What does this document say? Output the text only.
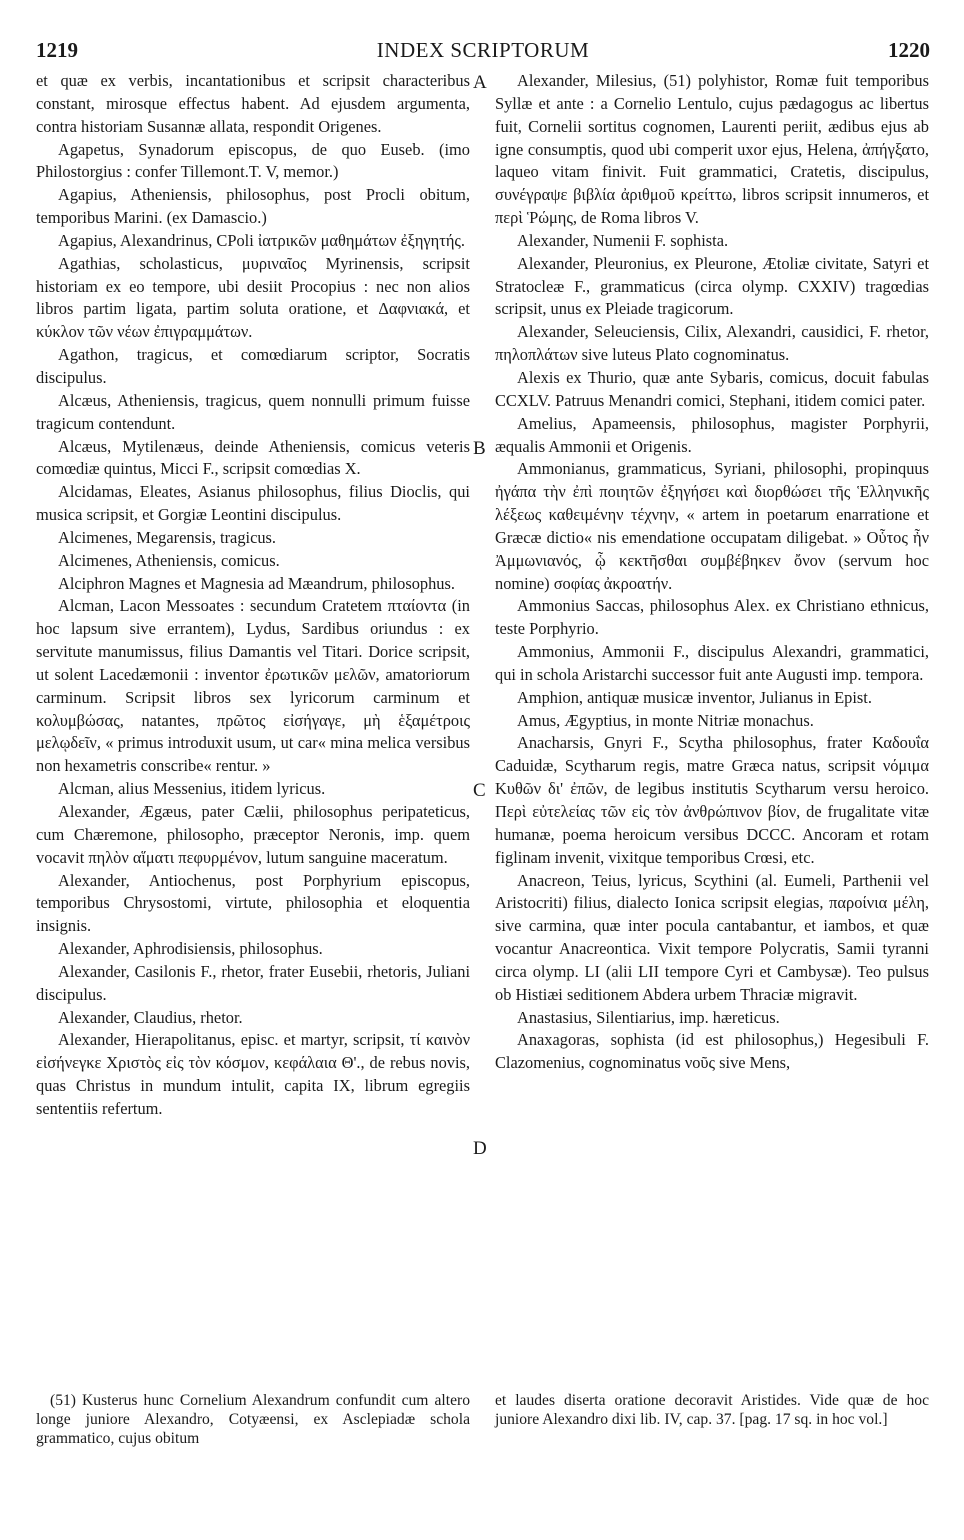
1219	INDEX SCRIPTORUM	1220

et quæ ex verbis, incantationibus et scripsit characteribus constant, mirosque effectus habent. Ad ejusdem argumenta, contra historiam Susannæ allata, respondit Origenes.

Agapetus, Synadorum episcopus, de quo Euseb. (imo Philostorgius : confer Tillemont.T. V, memor.)

Agapius, Atheniensis, philosophus, post Procli obitum, temporibus Marini. (ex Damascio.)

Agapius, Alexandrinus, CPoli ἰατρικῶν μαθημάτων ἐξηγητής.

Agathias, scholasticus, μυριναῖος Myrinensis, scripsit historiam ex eo tempore, ubi desiit Procopius : nec non alios libros partim ligata, partim soluta oratione, et Δαφνιακά, et κύκλον τῶν νέων ἐπιγραμμάτων.

Agathon, tragicus, et comœdiarum scriptor, Socratis discipulus.

Alcæus, Atheniensis, tragicus, quem nonnulli primum fuisse tragicum contendunt.

Alcæus, Mytilenæus, deinde Atheniensis, comicus veteris comœdiæ quintus, Micci F., scripsit comœdias X.

Alcidamas, Eleates, Asianus philosophus, filius Dioclis, qui musica scripsit, et Gorgiæ Leontini discipulus.

Alcimenes, Megarensis, tragicus.

Alcimenes, Atheniensis, comicus.

Alciphron Magnes et Magnesia ad Mæandrum, philosophus.

Alcman, Lacon Messoates : secundum Cratetem πταίοντα (in hoc lapsum sive errantem), Lydus, Sardibus oriundus : ex servitute manumissus, filius Damantis vel Titari. Dorice scripsit, ut solent Lacedæmonii : inventor ἐρωτικῶν μελῶν, amatoriorum carminum. Scripsit libros sex lyricorum carminum et κολυμβώσας, natantes, πρῶτος εἰσήγαγε, μὴ ἑξαμέτροις μελῳδεῖν, « primus introduxit usum, ut car« mina melica versibus non hexametris conscribe« rentur. »

Alcman, alius Messenius, itidem lyricus.

Alexander, Ægæus, pater Cælii, philosophus peripateticus, cum Chæremone, philosopho, præceptor Neronis, imp. quem vocavit πηλὸν αἵματι πεφυρμένον, lutum sanguine maceratum.

Alexander, Antiochenus, post Porphyrium episcopus, temporibus Chrysostomi, virtute, philosophia et eloquentia insignis.

Alexander, Aphrodisiensis, philosophus.

Alexander, Casilonis F., rhetor, frater Eusebii, rhetoris, Juliani discipulus.

Alexander, Claudius, rhetor.

Alexander, Hierapolitanus, episc. et martyr, scripsit, τί καινὸν εἰσήνεγκε Χριστὸς εἰς τὸν κόσμον, κεφάλαια Θ'., de rebus novis, quas Christus in mundum intulit, capita IX, librum egregiis sententiis refertum.

Alexander, Milesius, (51) polyhistor, Romæ fuit temporibus Syllæ et ante : a Cornelio Lentulo, cujus pædagogus ac libertus fuit, Cornelii sortitus cognomen, Laurenti periit, ædibus ejus ab igne consumptis, quod ubi comperit uxor ejus, Helena, ἀπήγξατο, laqueo vitam finivit. Fuit grammatici, Cratetis, discipulus, συνέγραψε βιβλία ἀριθμοῦ κρείττω, libros scripsit innumeros, et περὶ Ῥώμης, de Roma libros V.

Alexander, Numenii F. sophista.

Alexander, Pleuronius, ex Pleurone, Ætoliæ civitate, Satyri et Stratocleæ F., grammaticus (circa olymp. CXXIV) tragœdias scripsit, unus ex Pleiade tragicorum.

Alexander, Seleuciensis, Cilix, Alexandri, causidici, F. rhetor, πηλοπλάτων sive luteus Plato cognominatus.

Alexis ex Thurio, quæ ante Sybaris, comicus, docuit fabulas CCXLV. Patruus Menandri comici, Stephani, itidem comici pater.

Amelius, Apameensis, philosophus, magister Porphyrii, æqualis Ammonii et Origenis.

Ammonianus, grammaticus, Syriani, philosophi, propinquus ἠγάπα τὴν ἐπὶ ποιητῶν ἐξηγήσει καὶ διορθώσει τῆς Ἑλληνικῆς λέξεως καθειμένην τέχνην, « artem in poetarum enarratione et Græcæ dictio« nis emendatione occupatam diligebat. » Οὗτος ἦν Ἀμμωνιανός, ᾧ κεκτῆσθαι συμβέβηκεν ὄνον (servum hoc nomine) σοφίας ἀκροατήν.

Ammonius Saccas, philosophus Alex. ex Christiano ethnicus, teste Porphyrio.

Ammonius, Ammonii F., discipulus Alexandri, grammatici, qui in schola Aristarchi successor fuit ante Augusti imp. tempora.

Amphion, antiquæ musicæ inventor, Julianus in Epist.

Amus, Ægyptius, in monte Nitriæ monachus.

Anacharsis, Gnyri F., Scytha philosophus, frater Καδουΐα Caduidæ, Scytharum regis, matre Græca natus, scripsit νόμιμα Κυθῶν δι' ἐπῶν, de legibus institutis Scytharum versu heroico. Περὶ εὐτελείας τῶν εἰς τὸν ἀνθρώπινον βίον, de frugalitate vitæ humanæ, poema heroicum versibus DCCC. Ancoram et rotam figlinam invenit, vixitque temporibus Crœsi, etc.

Anacreon, Teius, lyricus, Scythini (al. Eumeli, Parthenii vel Aristocriti) filius, dialecto Ionica scripsit elegias, παροίνια μέλη, sive carmina, quæ inter pocula cantabantur, et iambos, et quæ vocantur Anacreontica. Vixit tempore Polycratis, Samii tyranni circa olymp. LI (alii LII tempore Cyri et Cambysæ). Teo pulsus ob Histiæi seditionem Abdera urbem Thraciæ migravit.

Anastasius, Silentiarius, imp. hæreticus.

Anaxagoras, sophista (id est philosophus,) Hegesibuli F. Clazomenius, cognominatus νοῦς sive Mens,

A
B
C
D

(51) Kusterus hunc Cornelium Alexandrum confundit cum altero longe juniore Alexandro, Cotyæensi, ex Asclepiadæ schola grammatico, cujus obitum

et laudes diserta oratione decoravit Aristides. Vide quæ de hoc juniore Alexandro dixi lib. IV, cap. 37. [pag. 17 sq. in hoc vol.]
